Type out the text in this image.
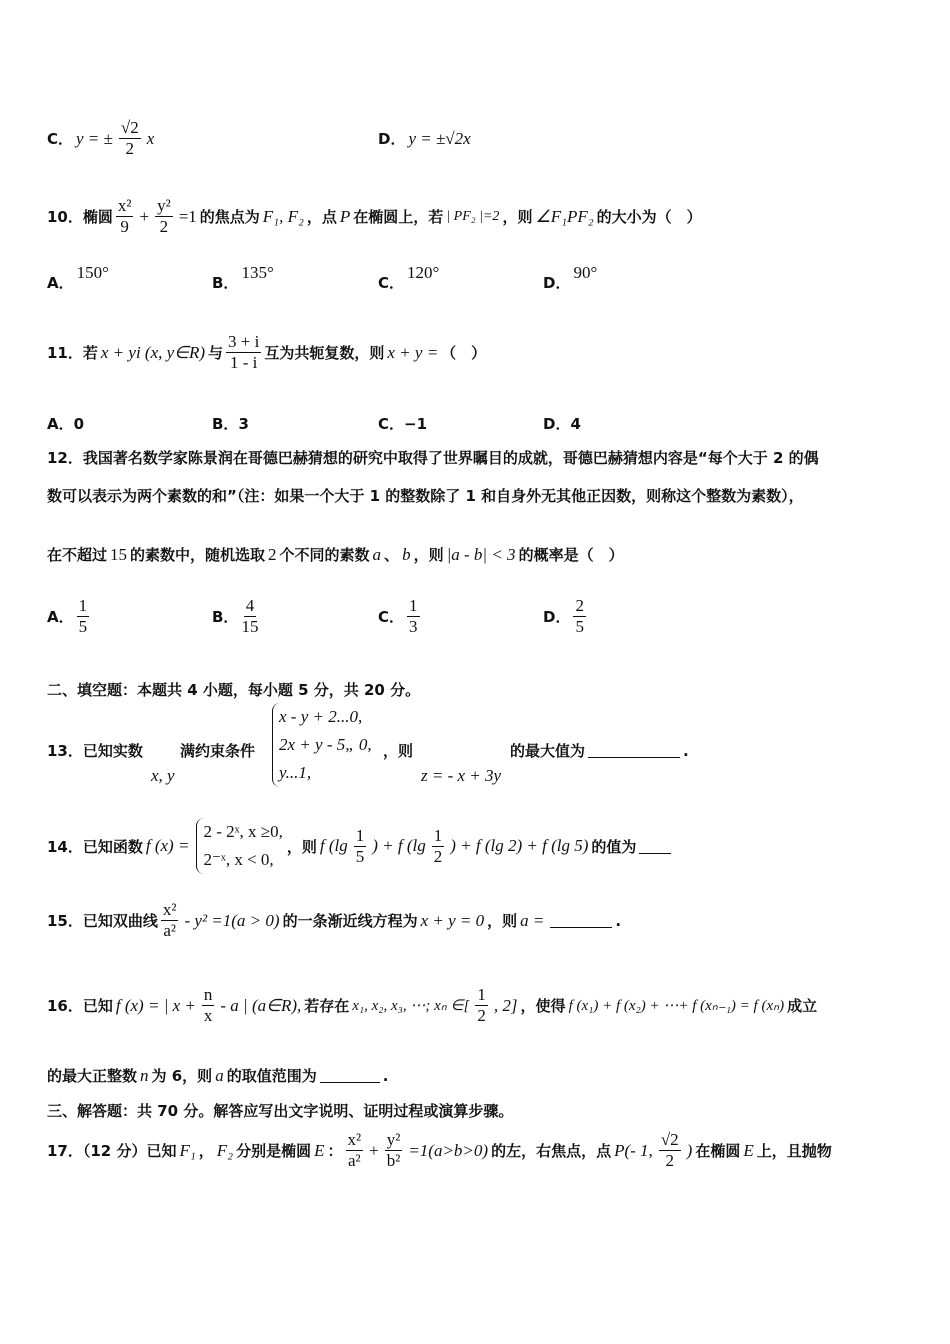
C． y = ± $\frac{√2}{2}$ x	D． y = ±√2x
10．椭圆 $\frac{\text{x²}}{9} + \frac{\text{y²}}{2} =1$ 的焦点为 F₁, F₂ ，点 P 在椭圆上，若 | PF₂ |=2 ，则 ∠F₁PF₂ 的大小为（　）
A．
150°
B．
135°
C．
120°
D．
90°
11．若 x + yi (x, y∈R) 与 $\frac{3 + i}{1 - i}$ 互为共轭复数，则 x + y = （　）
A． 0	B． 3	C． −1	D． 4
12．我国著名数学家陈景润在哥德巴赫猜想的研究中取得了世界瞩目的成就，哥德巴赫猜想内容是“每个大于 2 的偶
数可以表示为两个素数的和”（注：如果一个大于 1 的整数除了 1 和自身外无其他正因数，则称这个整数为素数），
在不超过 15 的素数中，随机选取 2 个不同的素数 a 、 b ，则 |a - b| < 3 的概率是（　）
A． $\frac{1}{5}$	B． $\frac{4}{15}$	C． $\frac{1}{3}$	D． $\frac{2}{5}$
二、填空题：本题共 4 小题，每小题 5 分，共 20 分。
13．已知实数
x, y
满约束条件
x - y + 2...0,
2x + y - 5„ 0,
y...1,
，则
z = - x + 3y
的最大值为	.
14．已知函数 f (x) =
2 - 2ˣ, x ≥0,
2⁻ˣ, x < 0,
，则 f ($\lg \frac{1}{5}$ ) + f ($\lg \frac{1}{2}$ ) + f (lg 2) + f (lg 5) 的值为
15．已知双曲线 $\frac{\text{x²}}{\text{a²}} - y^2 =1(a > 0)$ 的一条渐近线方程为 x + y = 0 ，则 a =	.
16．已知 f (x) = | $x + \frac{n}{x} - a$ | (a∈R), 若存在 x₁, x₂, x₃, ⋯; xₙ ∈[ $\frac{1}{2}$ , 2] ，使得 f (x₁) + f (x₂) + ⋯+ f (xₙ₋₁) = f (xₙ) 成立
的最大正整数 n 为 6，则 a 的取值范围为	.
三、解答题：共 70 分。解答应写出文字说明、证明过程或演算步骤。
17．（12 分）已知 F₁ ， F₂ 分别是椭圆 E ： $\frac{\text{x²}}{\text{a²}} + \frac{\text{y²}}{\text{b²}} =1(a>b>0)$ 的左，右焦点，点 P(- 1, $\frac{√2}{2}$ ) 在椭圆 E 上，且抛物
